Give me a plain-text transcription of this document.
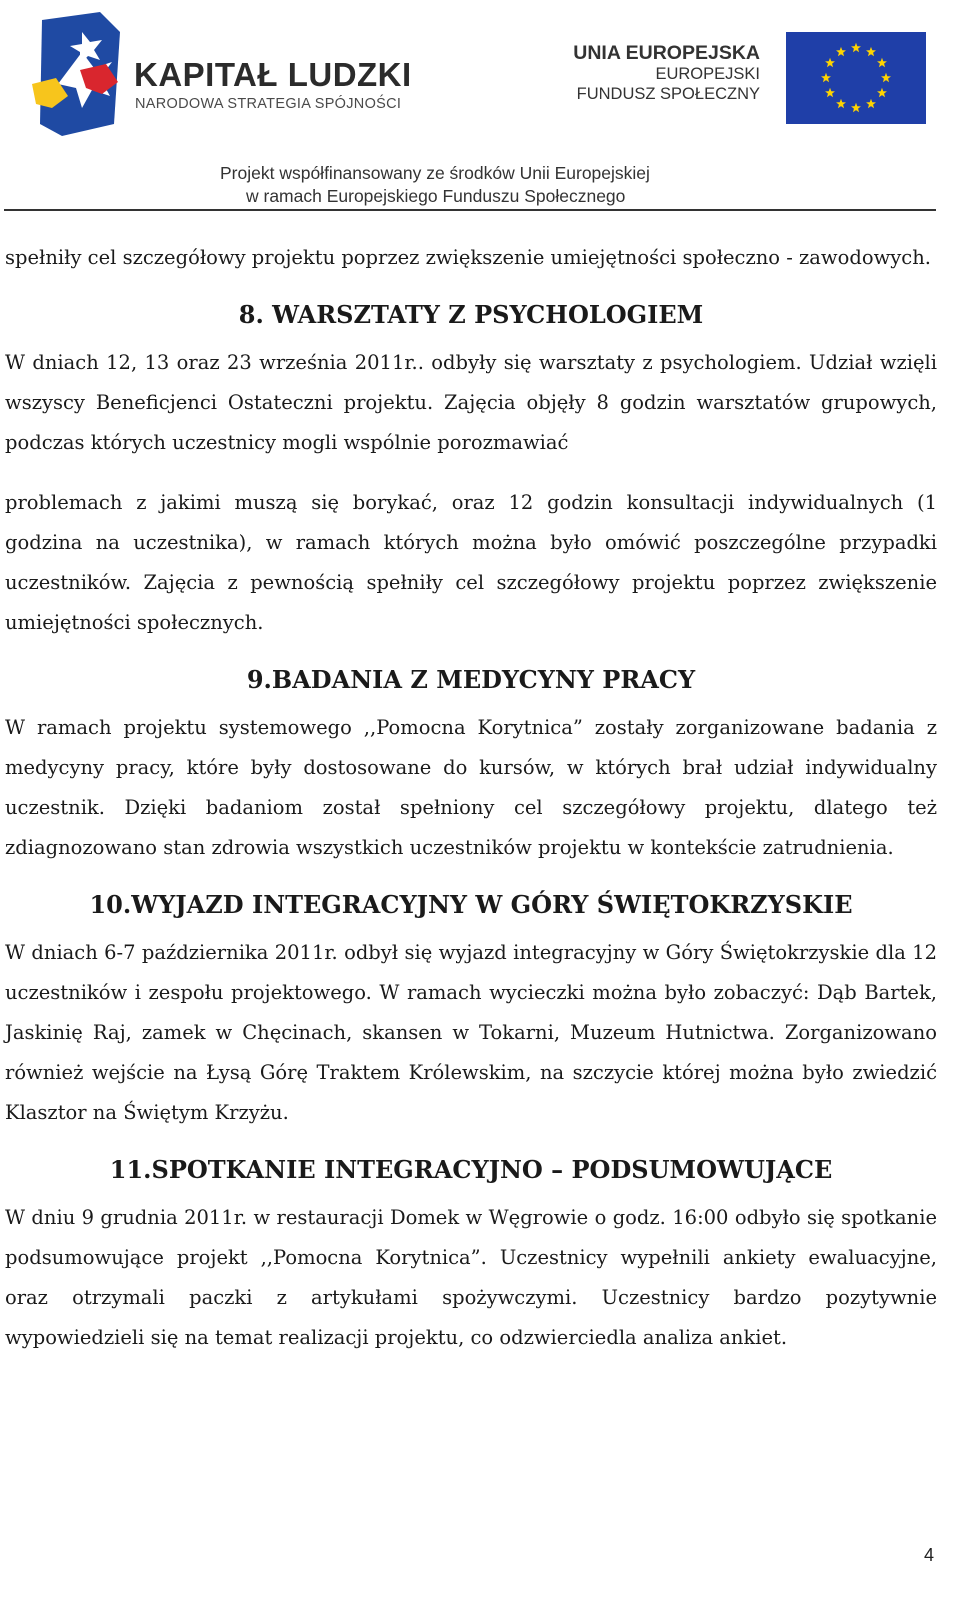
KAPITAŁ LUDZKI
NARODOWA STRATEGIA SPÓJNOŚCI
UNIA EUROPEJSKA
EUROPEJSKI
FUNDUSZ SPOŁECZNY
Projekt współfinansowany ze środków Unii Europejskiej
w ramach Europejskiego Funduszu Społecznego

spełniły cel szczegółowy projektu poprzez zwiększenie umiejętności społeczno - zawodowych.

8. WARSZTATY Z PSYCHOLOGIEM

W dniach 12, 13 oraz 23 września 2011r.. odbyły się warsztaty z psychologiem. Udział wzięli wszyscy Beneficjenci Ostateczni projektu. Zajęcia objęły 8 godzin warsztatów grupowych, podczas których uczestnicy mogli wspólnie porozmawiać

problemach z jakimi muszą się borykać, oraz 12 godzin konsultacji indywidualnych (1 godzina na uczestnika), w ramach których można było omówić poszczególne przypadki uczestników. Zajęcia z pewnością spełniły cel szczegółowy projektu poprzez zwiększenie umiejętności społecznych.

9.BADANIA Z MEDYCYNY PRACY

W ramach projektu systemowego ,,Pomocna Korytnica” zostały zorganizowane badania z medycyny pracy, które były dostosowane do kursów, w których brał udział indywidualny uczestnik. Dzięki badaniom został spełniony cel szczegółowy projektu, dlatego też zdiagnozowano stan zdrowia wszystkich uczestników projektu w kontekście zatrudnienia.

10.WYJAZD INTEGRACYJNY W GÓRY ŚWIĘTOKRZYSKIE

W dniach 6-7 października 2011r. odbył się wyjazd integracyjny w Góry Świętokrzyskie dla 12 uczestników i zespołu projektowego. W ramach wycieczki można było zobaczyć: Dąb Bartek, Jaskinię Raj, zamek w Chęcinach, skansen w Tokarni, Muzeum Hutnictwa. Zorganizowano również wejście na Łysą Górę Traktem Królewskim, na szczycie której można było zwiedzić Klasztor na Świętym Krzyżu.

11.SPOTKANIE INTEGRACYJNO – PODSUMOWUJĄCE

W dniu 9 grudnia 2011r. w restauracji Domek w Węgrowie o godz. 16:00 odbyło się spotkanie podsumowujące projekt ,,Pomocna Korytnica”. Uczestnicy wypełnili ankiety ewaluacyjne, oraz otrzymali paczki z artykułami spożywczymi. Uczestnicy bardzo pozytywnie wypowiedzieli się na temat realizacji projektu, co odzwierciedla analiza ankiet.

4
